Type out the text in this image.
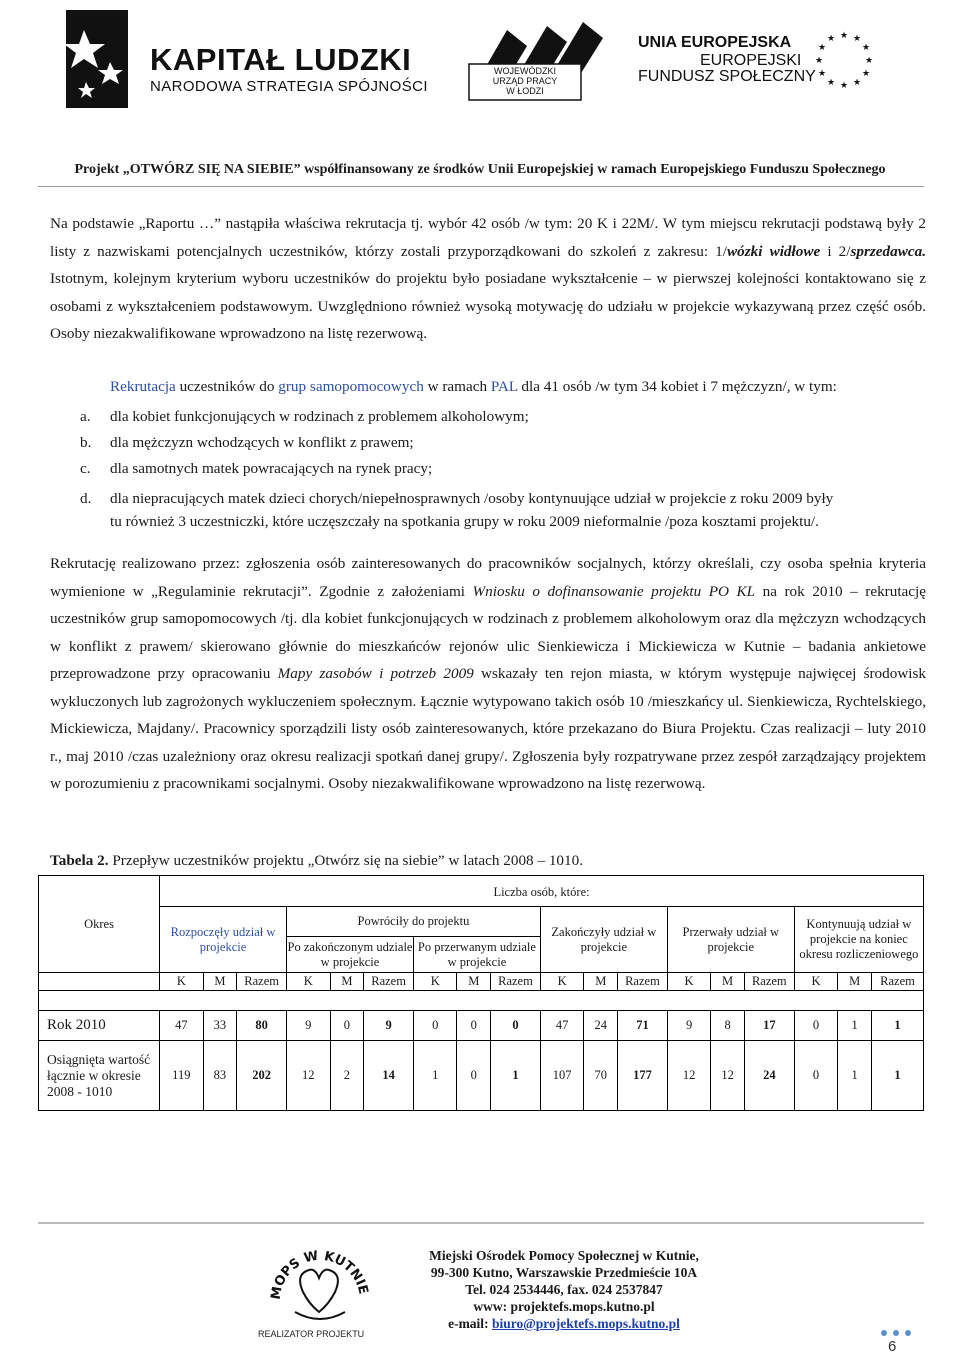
KAPITAŁ LUDZKI
NARODOWA STRATEGIA SPÓJNOŚCI
WOJEWÓDZKI
URZĄD PRACY
W ŁODZI
UNIA EUROPEJSKA
EUROPEJSKI
FUNDUSZ SPOŁECZNY
★ ★
★
★
★
★
★
★
★
★
★
★
Projekt „OTWÓRZ SIĘ NA SIEBIE” współfinansowany ze środków Unii Europejskiej w ramach Europejskiego Funduszu Społecznego

Na podstawie „Raportu …” nastąpiła właściwa rekrutacja tj. wybór 42 osób /w tym: 20 K i 22M/. W tym miejscu rekrutacji podstawą były 2 listy z nazwiskami potencjalnych uczestników, którzy zostali przyporządkowani do szkoleń z zakresu: 1/wózki widłowe i 2/sprzedawca. Istotnym, kolejnym kryterium wyboru uczestników do projektu było posiadane wykształcenie – w pierwszej kolejności kontaktowano się z osobami z wykształceniem podstawowym. Uwzględniono również wysoką motywację do udziału w projekcie wykazywaną przez część osób. Osoby niezakwalifikowane wprowadzono na listę rezerwową.

Rekrutacja uczestników do grup samopomocowych w ramach PAL dla 41 osób /w tym 34 kobiet i 7 mężczyzn/, w tym:
a. dla kobiet funkcjonujących w rodzinach z problemem alkoholowym;
b. dla mężczyzn wchodzących w konflikt z prawem;
c. dla samotnych matek powracających na rynek pracy;
d. dla niepracujących matek dzieci chorych/niepełnosprawnych /osoby kontynuujące udział w projekcie z roku 2009 były
tu również 3 uczestniczki, które uczęszczały na spotkania grupy w roku 2009 nieformalnie /poza kosztami projektu/.

Rekrutację realizowano przez: zgłoszenia osób zainteresowanych do pracowników socjalnych, którzy określali, czy osoba spełnia kryteria wymienione w „Regulaminie rekrutacji”. Zgodnie z założeniami Wniosku o dofinansowanie projektu PO KL na rok 2010 – rekrutację uczestników grup samopomocowych /tj. dla kobiet funkcjonujących w rodzinach z problemem alkoholowym oraz dla mężczyzn wchodzących w konflikt z prawem/ skierowano głównie do mieszkańców rejonów ulic Sienkiewicza i Mickiewicza w Kutnie – badania ankietowe przeprowadzone przy opracowaniu Mapy zasobów i potrzeb 2009 wskazały ten rejon miasta, w którym występuje najwięcej środowisk wykluczonych lub zagrożonych wykluczeniem społecznym. Łącznie wytypowano takich osób 10 /mieszkańcy ul. Sienkiewicza, Rychtelskiego, Mickiewicza, Majdany/. Pracownicy sporządzili listy osób zainteresowanych, które przekazano do Biura Projektu. Czas realizacji – luty 2010 r., maj 2010 /czas uzależniony oraz okresu realizacji spotkań danej grupy/. Zgłoszenia były rozpatrywane przez zespół zarządzający projektem w porozumieniu z pracownikami socjalnymi. Osoby niezakwalifikowane wprowadzono na listę rezerwową.

Tabela 2. Przepływ uczestników projektu „Otwórz się na siebie” w latach 2008 – 1010.
Okres	Liczba osób, które:																	
	Rozpoczęły udział w projekcie			Powróciły do projektu						Zakończyły udział w projekcie			Przerwały udział w projekcie			Kontynuują udział w projekcie na koniec okresu rozliczeniowego		
				Po zakończonym udziale w projekcie			Po przerwanym udziale w projekcie											
	K	M	Razem	K	M	Razem	K	M	Razem	K	M	Razem	K	M	Razem	K	M	Razem

Rok 2010	47	33	80	9	0	9	0	0	0	47	24	71	9	8	17	0	1	1
Osiągnięta wartość łącznie w okresie 2008 - 1010	119	83	202	12	2	14	1	0	1	107	70	177	12	12	24	0	1	1
MOPS W KUTNIE
REALIZATOR PROJEKTU
Miejski Ośrodek Pomocy Społecznej w Kutnie,
99-300 Kutno, Warszawskie Przedmieście 10A
Tel. 024 2534446, fax. 024 2537847
www: projektefs.mops.kutno.pl
e-mail: biuro@projektefs.mops.kutno.pl
6
